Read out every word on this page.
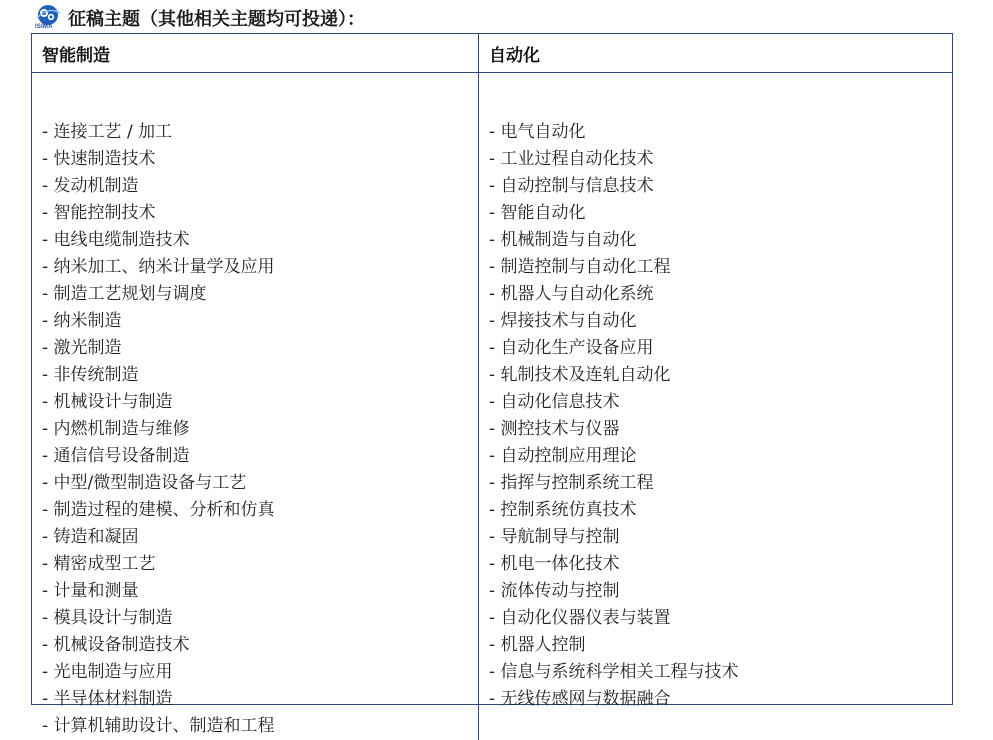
ISIMA 征稿主题（其他相关主题均可投递）：
智能制造	自动化
- 连接工艺 / 加工
- 快速制造技术
- 发动机制造
- 智能控制技术
- 电线电缆制造技术
- 纳米加工、纳米计量学及应用
- 制造工艺规划与调度
- 纳米制造
- 激光制造
- 非传统制造
- 机械设计与制造
- 内燃机制造与维修
- 通信信号设备制造
- 中型/微型制造设备与工艺
- 制造过程的建模、分析和仿真
- 铸造和凝固
- 精密成型工艺
- 计量和测量
- 模具设计与制造
- 机械设备制造技术
- 光电制造与应用
- 半导体材料制造
- 计算机辅助设计、制造和工程
- 电气自动化
- 工业过程自动化技术
- 自动控制与信息技术
- 智能自动化
- 机械制造与自动化
- 制造控制与自动化工程
- 机器人与自动化系统
- 焊接技术与自动化
- 自动化生产设备应用
- 轧制技术及连轧自动化
- 自动化信息技术
- 测控技术与仪器
- 自动控制应用理论
- 指挥与控制系统工程
- 控制系统仿真技术
- 导航制导与控制
- 机电一体化技术
- 流体传动与控制
- 自动化仪器仪表与装置
- 机器人控制
- 信息与系统科学相关工程与技术
- 无线传感网与数据融合
